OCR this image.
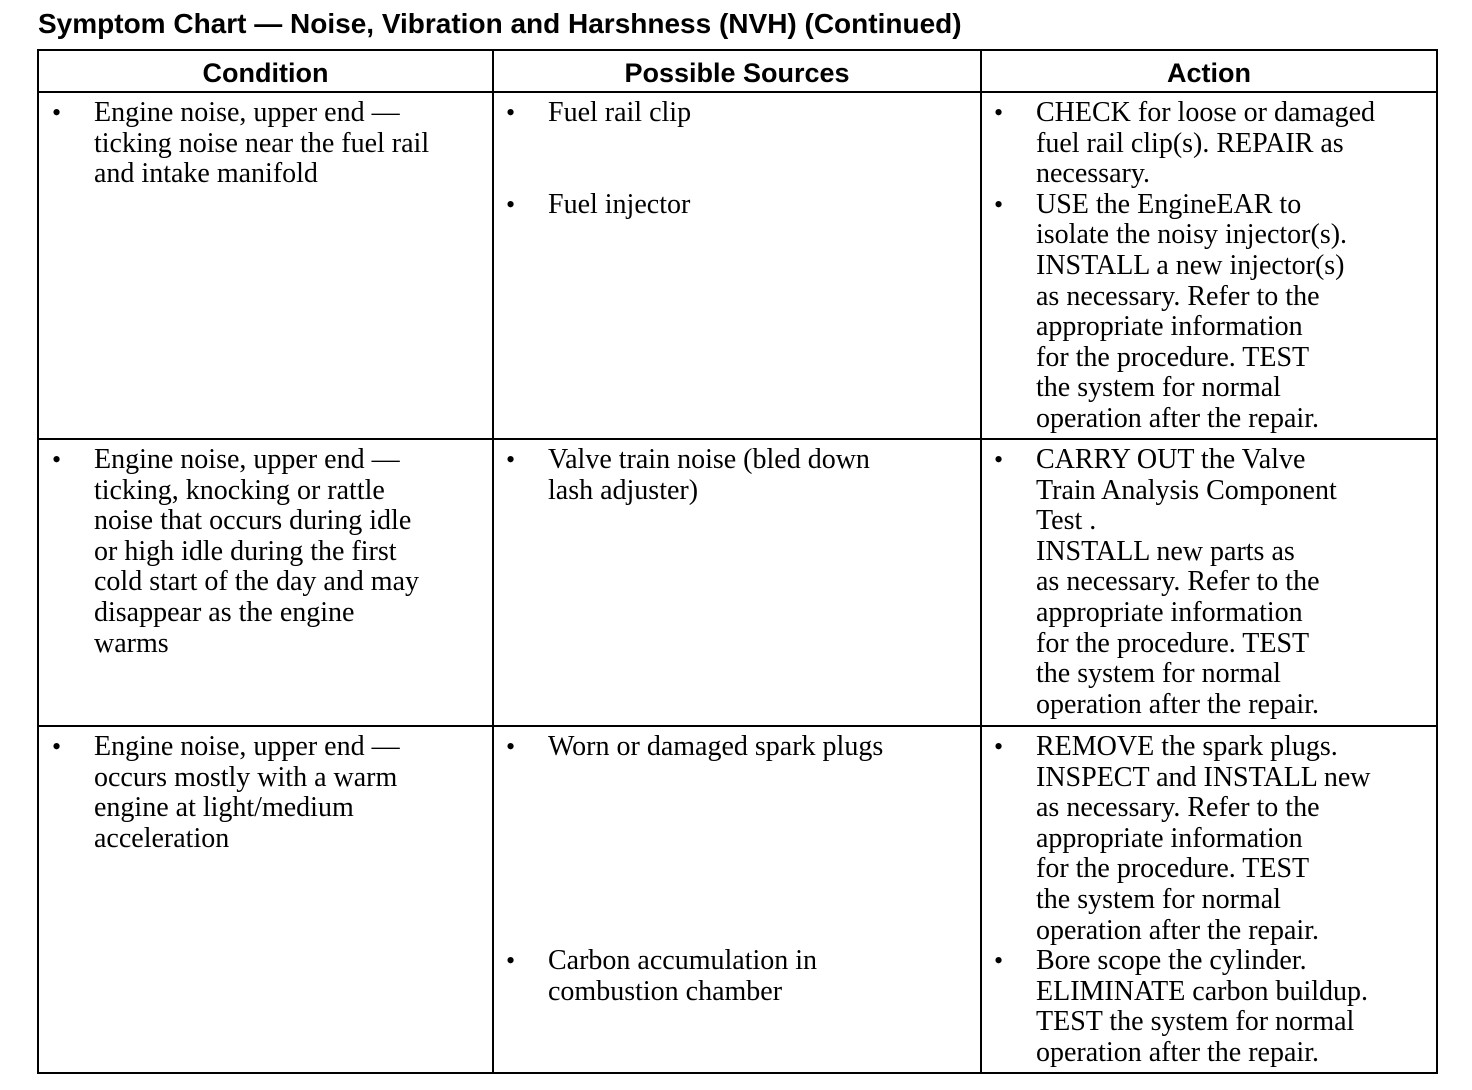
Symptom Chart — Noise, Vibration and Harshness (NVH) (Continued)
Condition	Possible Sources	Action
• Engine noise, upper end —
ticking noise near the fuel rail
and intake manifold
• Fuel rail clip
• Fuel injector
• CHECK for loose or damaged
fuel rail clip(s). REPAIR as
necessary.
• USE the EngineEAR to
isolate the noisy injector(s).
INSTALL a new injector(s)
as necessary. Refer to the
appropriate information
for the procedure. TEST
the system for normal
operation after the repair.
• Engine noise, upper end —
ticking, knocking or rattle
noise that occurs during idle
or high idle during the first
cold start of the day and may
disappear as the engine
warms
• Valve train noise (bled down
lash adjuster)
• CARRY OUT the Valve
Train Analysis Component
Test .
INSTALL new parts as
as necessary. Refer to the
appropriate information
for the procedure. TEST
the system for normal
operation after the repair.
• Engine noise, upper end —
occurs mostly with a warm
engine at light/medium
acceleration
• Worn or damaged spark plugs
• Carbon accumulation in
combustion chamber
• REMOVE the spark plugs.
INSPECT and INSTALL new
as necessary. Refer to the
appropriate information
for the procedure. TEST
the system for normal
operation after the repair.
• Bore scope the cylinder.
ELIMINATE carbon buildup.
TEST the system for normal
operation after the repair.
